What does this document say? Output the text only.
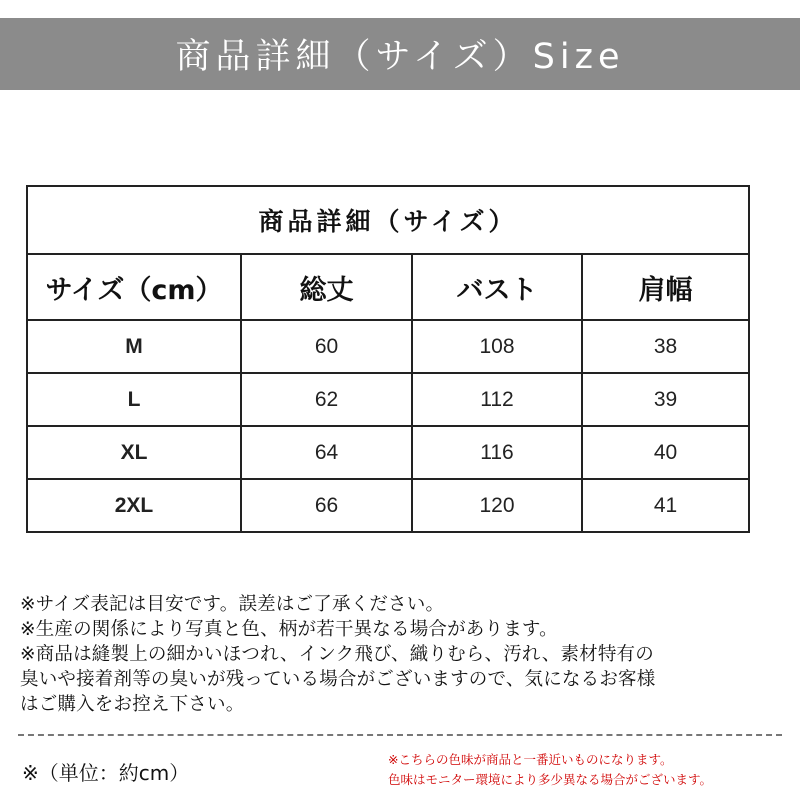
商品詳細（サイズ）Size
商品詳細（サイズ）			
サイズ（cm）	総丈	バスト	肩幅
M	60	108	38
L	62	112	39
XL	64	116	40
2XL	66	120	41
※サイズ表記は目安です。誤差はご了承ください。
※生産の関係により写真と色、柄が若干異なる場合があります。
※商品は縫製上の細かいほつれ、インク飛び、織りむら、汚れ、素材特有の
臭いや接着剤等の臭いが残っている場合がございますので、気になるお客様
はご購入をお控え下さい。
※（単位：約cm）
※こちらの色味が商品と一番近いものになります。
色味はモニター環境により多少異なる場合がございます。
